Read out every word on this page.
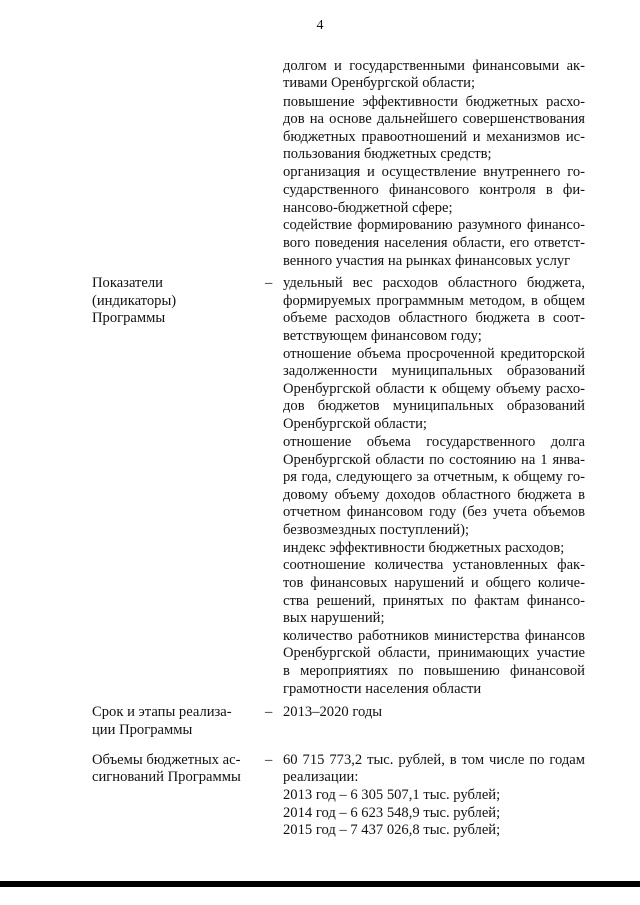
4
долгом и государственными финансовыми ак-
тивами Оренбургской области;
повышение эффективности бюджетных расхо-
дов на основе дальнейшего совершенствования
бюджетных правоотношений и механизмов ис-
пользования бюджетных средств;
организация и осуществление внутреннего го-
сударственного финансового контроля в фи-
нансово-бюджетной сфере;
содействие формированию разумного финансо-
вого поведения населения области, его ответст-
венного участия на рынках финансовых услуг
Показатели
(индикаторы)
Программы
– удельный вес расходов областного бюджета,
формируемых программным методом, в общем
объеме расходов областного бюджета в соот-
ветствующем финансовом году;
отношение объема просроченной кредиторской
задолженности муниципальных образований
Оренбургской области к общему объему расхо-
дов бюджетов муниципальных образований
Оренбургской области;
отношение объема государственного долга
Оренбургской области по состоянию на 1 янва-
ря года, следующего за отчетным, к общему го-
довому объему доходов областного бюджета в
отчетном финансовом году (без учета объемов
безвозмездных поступлений);
индекс эффективности бюджетных расходов;
соотношение количества установленных фак-
тов финансовых нарушений и общего количе-
ства решений, принятых по фактам финансо-
вых нарушений;
количество работников министерства финансов
Оренбургской области, принимающих участие
в мероприятиях по повышению финансовой
грамотности населения области
Срок и этапы реализа-
ции Программы
– 2013–2020 годы
Объемы бюджетных ас-
сигнований Программы
– 60 715 773,2 тыс. рублей, в том числе по годам
реализации:
2013 год – 6 305 507,1 тыс. рублей;
2014 год – 6 623 548,9 тыс. рублей;
2015 год – 7 437 026,8 тыс. рублей;
